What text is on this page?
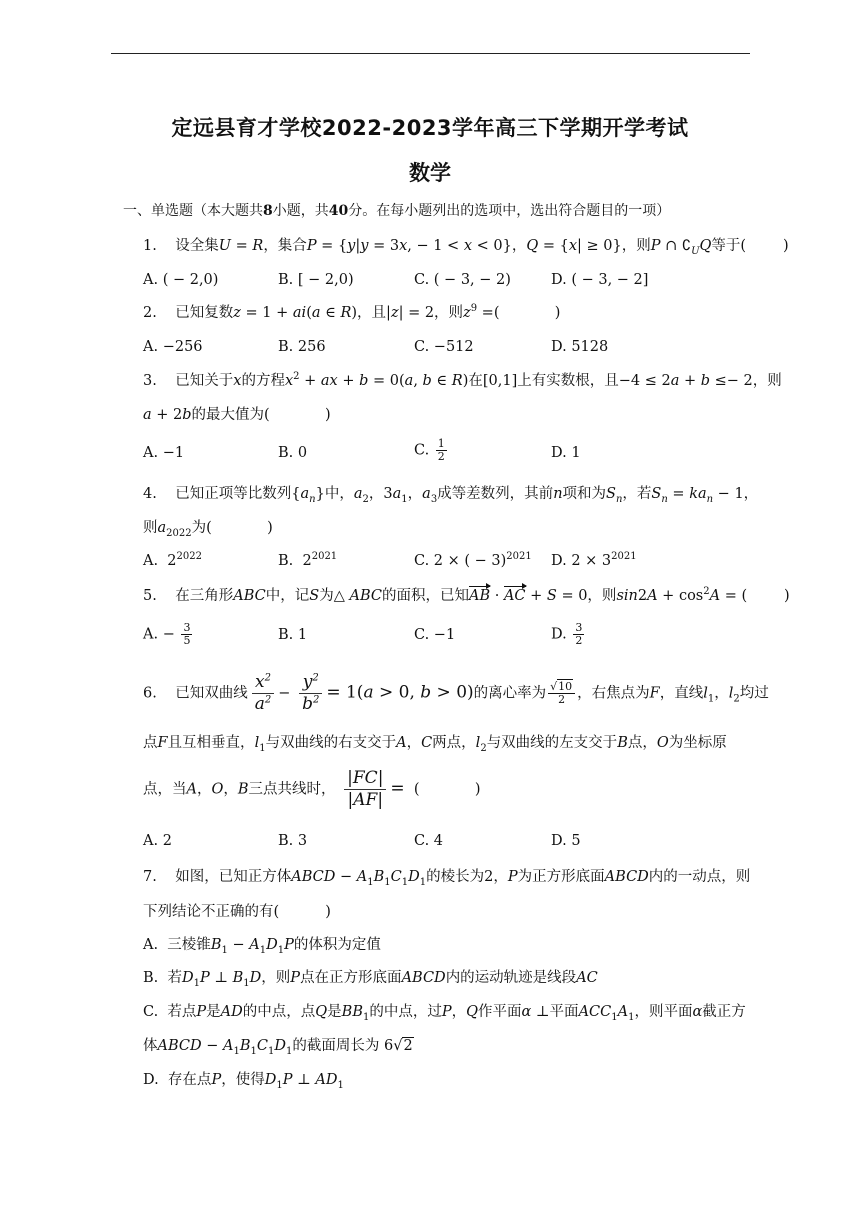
定远县育才学校2022-2023学年高三下学期开学考试
数学
一、单选题（本大题共8小题，共40分。在每小题列出的选项中，选出符合题目的一项）
1.    设全集U = R，集合P = {y|y = 3x, − 1 < x < 0}，Q = {x| ≥ 0}，则P ∩ $∁_UQ$等于(        )
A. ( − 2,0)	B. [ − 2,0)	C. ( − 3, − 2)	D. ( − 3, − 2]
2.    已知复数z = 1 + ai(a ∈ R)，且|z| = 2，则$z^9$ =(            )
A. −256	B. 256	C. −512	D. 5128
3.    已知关于x的方程$x^2$ + ax + b = 0(a, b ∈ R)在[0,1]上有实数根，且−4 ≤ 2a + b ≤− 2，则
a + 2b的最大值为(            )
A. −1	B. 0	C. $\frac{1}{2}$	D. 1
4.    已知正项等比数列$\{a_n\}$中，$a_2$，$3a_1$，$a_3$成等差数列，其前n项和为$S_n$，若$S_n = ka_n - 1$，
则$a_{2022}$为(            )
A.  $2^{2022}$	B.  $2^{2021}$	C. 2 × ( − 3)$^{2021}$ D. $2 \times 3^{2021}$
5.    在三角形ABC中，记S为△ ABC的面积，已知AB · AC + S = 0，则$\sin 2A + \cos^2A$ = (        )
A. − $\frac{3}{5}$	B. 1	C. −1	D. $\frac{3}{2}$
6.    已知双曲线 $\frac{x^2}{a^2} - \frac{y^2}{b^2} = 1(a > 0$, b > 0)的离心率为 $\frac{√10}{2}$ ，右焦点为F，直线$l_1$，$l_2$均过
点F且互相垂直，$l_1$与双曲线的右支交于A，C两点，$l_2$与双曲线的左支交于B点，O为坐标原
点，当A，O，B三点共线时， $\frac{|FC|}{|AF|}$ =  (            )
A. 2	B. 3	C. 4	D. 5
7.    如图，已知正方体ABCD − $A_1B_1C_1D_1$的棱长为2，P为正方形底面ABCD内的一动点，则
下列结论不正确的有(          )
A.  三棱锥$B_1 - A_1D_1P$的体积为定值
B.  若$D_1P$ ⊥ $B_1D$，则P点在正方形底面ABCD内的运动轨迹是线段AC
C.  若点P是AD的中点，点Q是$BB_1$的中点，过P，Q作平面α ⊥平面$ACC_1A_1$，则平面α截正方
体ABCD − $A_1B_1C_1D_1$的截面周长为 6√2
D.  存在点P，使得$D_1P$ ⊥ $AD_1$
